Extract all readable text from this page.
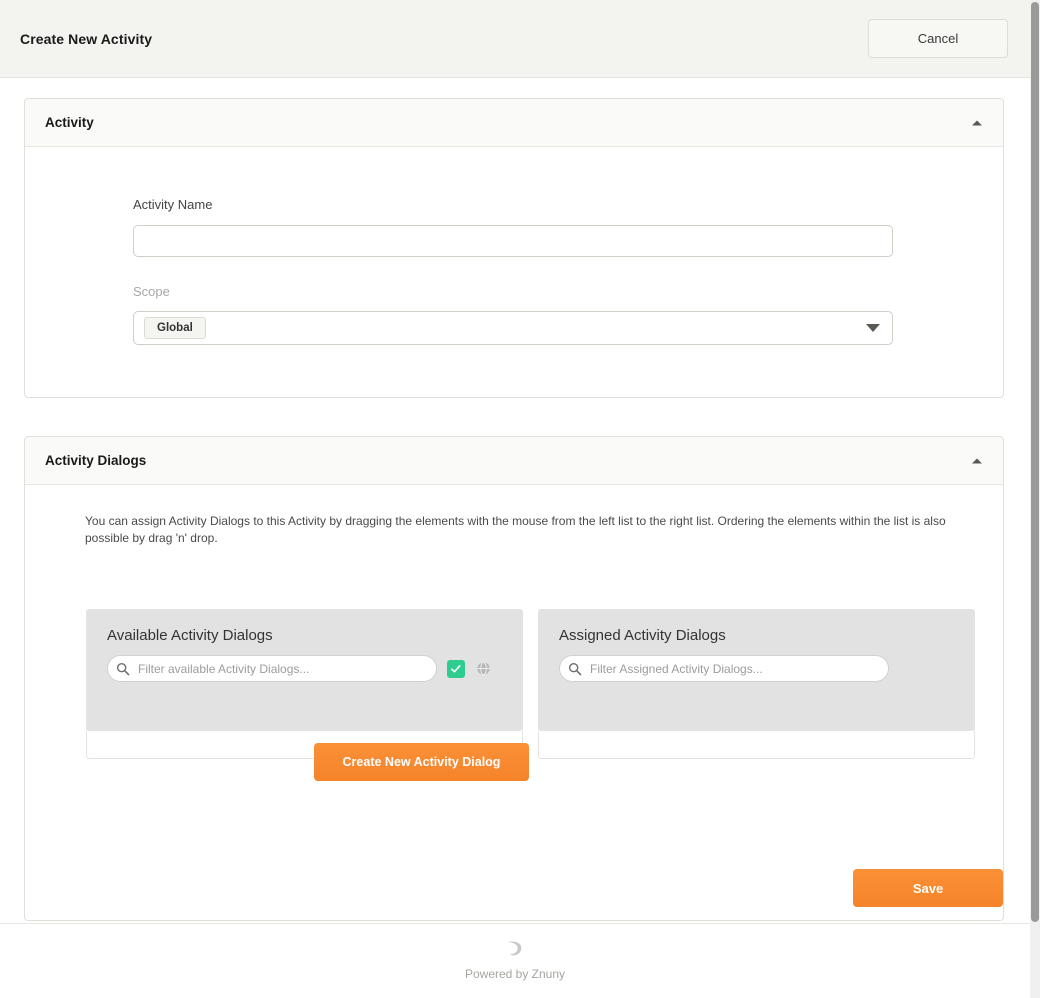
Create New Activity	Cancel
Activity
Activity Name
Scope
Global
Activity Dialogs
You can assign Activity Dialogs to this Activity by dragging the elements with the mouse from the left list to the right list. Ordering the elements within the list is also possible by drag 'n' drop.
Available Activity Dialogs
Filter available Activity Dialogs...	Assigned Activity Dialogs
Filter Assigned Activity Dialogs...
Create New Activity Dialog
Save
Powered by Znuny
